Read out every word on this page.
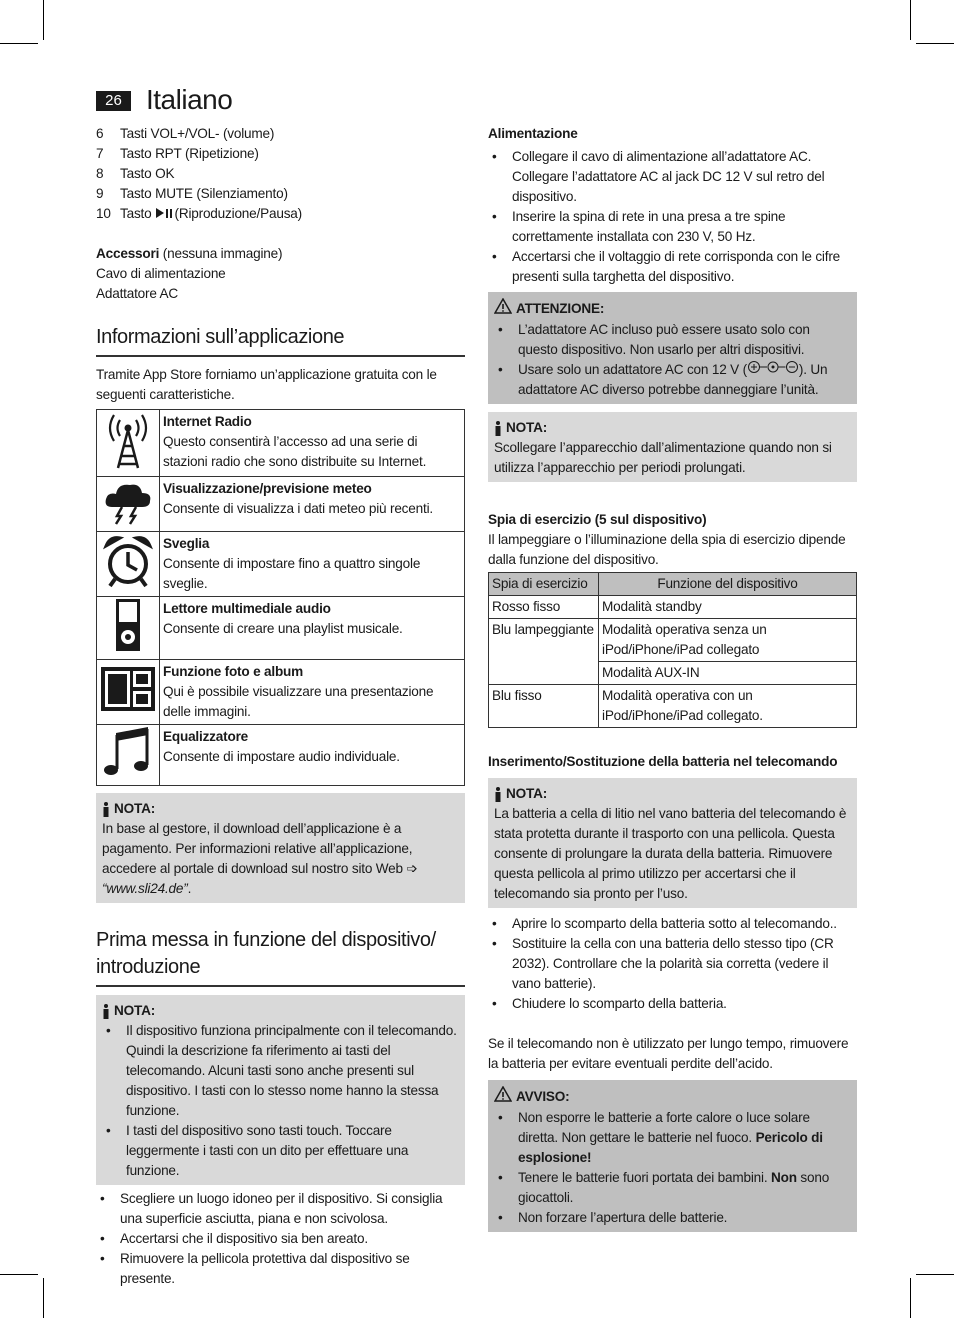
26 Italiano
6	Tasti VOL+/VOL- (volume)
7	Tasto RPT (Ripetizione)
8	Tasto OK
9	Tasto MUTE (Silenziamento)
10 Tasto (Riproduzione/Pausa)

Accessori (nessuna immagine)

Cavo di alimentazione

Adattatore AC

Informazioni sull’applicazione

Tramite App Store forniamo un’applicazione gratuita con le seguenti caratteristiche.

Internet Radio
Questo consentirà l’accesso ad una serie di stazioni radio che sono distribuite su Internet.

Visualizzazione/previsione meteo
Consente di visualizza i dati meteo più recenti.

Sveglia
Consente di impostare fino a quattro singole sveglie.

Lettore multimediale audio
Consente di creare una playlist musicale.

Funzione foto e album
Qui è possibile visualizzare una presentazione delle immagini.

Equalizzatore
Consente di impostare audio individuale.
NOTA:

In base al gestore, il download dell’applicazione è a pagamento. Per informazioni relative all’applicazione, accedere al portale di download sul nostro sito Web ➩ “www.sli24.de”.

Prima messa in funzione del dispositivo/ introduzione
NOTA:
• Il dispositivo funziona principalmente con il telecomando. Quindi la descrizione fa riferimento ai tasti del telecomando. Alcuni tasti sono anche presenti sul dispositivo. I tasti con lo stesso nome hanno la stessa funzione.
• I tasti del dispositivo sono tasti touch. Toccare leggermente i tasti con un dito per effettuare una funzione.
• Scegliere un luogo idoneo per il dispositivo. Si consiglia una superficie asciutta, piana e non scivolosa.
• Accertarsi che il dispositivo sia ben areato.
• Rimuovere la pellicola protettiva dal dispositivo se presente.

Alimentazione

• Collegare il cavo di alimentazione all’adattatore AC. Collegare l’adattatore AC al jack DC 12 V sul retro del dispositivo.
• Inserire la spina di rete in una presa a tre spine correttamente installata con 230 V, 50 Hz.
• Accertarsi che il voltaggio di rete corrisponda con le cifre presenti sulla targhetta del dispositivo.
ATTENZIONE:
• L’adattatore AC incluso può essere usato solo con questo dispositivo. Non usarlo per altri dispositivi.
• Usare solo un adattatore AC con 12 V (	). Un adattatore AC diverso potrebbe danneggiare l’unità.
NOTA:

Scollegare l’apparecchio dall’alimentazione quando non si utilizza l’apparecchio per periodi prolungati.

Spia di esercizio (5 sul dispositivo)

Il lampeggiare o l’illuminazione della spia di esercizio dipende dalla funzione del dispositivo.

Spia di esercizio	Funzione del dispositivo
Rosso fisso	Modalità standby
Blu lampeggiante	Modalità operativa senza un iPod/iPhone/iPad collegato
	Modalità AUX-IN
Blu fisso	Modalità operativa con un iPod/iPhone/iPad collegato.

Inserimento/Sostituzione della batteria nel telecomando

NOTA:

La batteria a cella di litio nel vano batteria del telecomando è stata protetta durante il trasporto con una pellicola. Questa consente di prolungare la durata della batteria. Rimuovere questa pellicola al primo utilizzo per accertarsi che il telecomando sia pronto per l’uso.

• Aprire lo scomparto della batteria sotto al telecomando..
• Sostituire la cella con una batteria dello stesso tipo (CR 2032). Controllare che la polarità sia corretta (vedere il vano batterie).
• Chiudere lo scomparto della batteria.

Se il telecomando non è utilizzato per lungo tempo, rimuovere la batteria per evitare eventuali perdite dell’acido.

AVVISO:
• Non esporre le batterie a forte calore o luce solare diretta. Non gettare le batterie nel fuoco. Pericolo di esplosione!
• Tenere le batterie fuori portata dei bambini. Non sono giocattoli.
• Non forzare l’apertura delle batterie.
